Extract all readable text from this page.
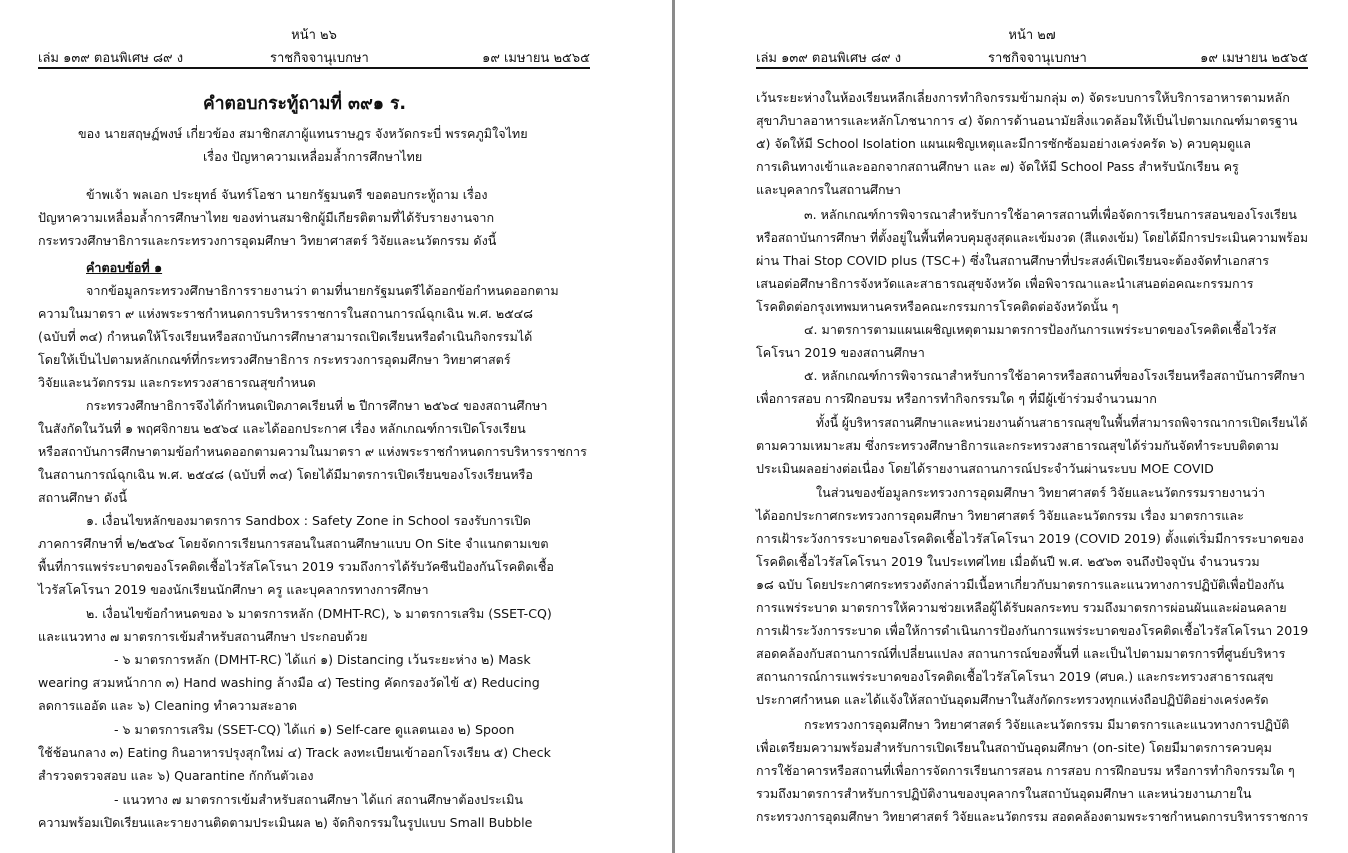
หน้า ๒๖
เล่ม ๑๓๙ ตอนพิเศษ ๘๙ ง	ราชกิจจานุเบกษา	๑๙ เมษายน ๒๕๖๕
คำตอบกระทู้ถามที่ ๓๙๑ ร.
ของ นายสฤษฏ์พงษ์ เกี่ยวข้อง สมาชิกสภาผู้แทนราษฎร จังหวัดกระบี่ พรรคภูมิใจไทย
เรื่อง ปัญหาความเหลื่อมล้ำการศึกษาไทย
ข้าพเจ้า พลเอก ประยุทธ์ จันทร์โอชา นายกรัฐมนตรี ขอตอบกระทู้ถาม เรื่อง
ปัญหาความเหลื่อมล้ำการศึกษาไทย ของท่านสมาชิกผู้มีเกียรติตามที่ได้รับรายงานจาก
กระทรวงศึกษาธิการและกระทรวงการอุดมศึกษา วิทยาศาสตร์ วิจัยและนวัตกรรม ดังนี้
คำตอบข้อที่ ๑
จากข้อมูลกระทรวงศึกษาธิการรายงานว่า ตามที่นายกรัฐมนตรีได้ออกข้อกำหนดออกตาม
ความในมาตรา ๙ แห่งพระราชกำหนดการบริหารราชการในสถานการณ์ฉุกเฉิน พ.ศ. ๒๕๔๘
(ฉบับที่ ๓๔) กำหนดให้โรงเรียนหรือสถาบันการศึกษาสามารถเปิดเรียนหรือดำเนินกิจกรรมได้
โดยให้เป็นไปตามหลักเกณฑ์ที่กระทรวงศึกษาธิการ กระทรวงการอุดมศึกษา วิทยาศาสตร์
วิจัยและนวัตกรรม และกระทรวงสาธารณสุขกำหนด
กระทรวงศึกษาธิการจึงได้กำหนดเปิดภาคเรียนที่ ๒ ปีการศึกษา ๒๕๖๔ ของสถานศึกษา
ในสังกัดในวันที่ ๑ พฤศจิกายน ๒๕๖๔ และได้ออกประกาศ เรื่อง หลักเกณฑ์การเปิดโรงเรียน
หรือสถาบันการศึกษาตามข้อกำหนดออกตามความในมาตรา ๙ แห่งพระราชกำหนดการบริหารราชการ
ในสถานการณ์ฉุกเฉิน พ.ศ. ๒๕๔๘ (ฉบับที่ ๓๔) โดยได้มีมาตรการเปิดเรียนของโรงเรียนหรือ
สถานศึกษา ดังนี้
๑. เงื่อนไขหลักของมาตรการ Sandbox : Safety Zone in School รองรับการเปิด
ภาคการศึกษาที่ ๒/๒๕๖๔ โดยจัดการเรียนการสอนในสถานศึกษาแบบ On Site จำแนกตามเขต
พื้นที่การแพร่ระบาดของโรคติดเชื้อไวรัสโคโรนา 2019 รวมถึงการได้รับวัคซีนป้องกันโรคติดเชื้อ
ไวรัสโคโรนา 2019 ของนักเรียนนักศึกษา ครู และบุคลากรทางการศึกษา
๒. เงื่อนไขข้อกำหนดของ ๖ มาตรการหลัก (DMHT-RC), ๖ มาตรการเสริม (SSET-CQ)
และแนวทาง ๗ มาตรการเข้มสำหรับสถานศึกษา ประกอบด้วย
- ๖ มาตรการหลัก (DMHT-RC) ได้แก่ ๑) Distancing เว้นระยะห่าง ๒) Mask
wearing สวมหน้ากาก ๓) Hand washing ล้างมือ ๔) Testing คัดกรองวัดไข้ ๕) Reducing
ลดการแออัด และ ๖) Cleaning ทำความสะอาด
- ๖ มาตรการเสริม (SSET-CQ) ได้แก่ ๑) Self-care ดูแลตนเอง ๒) Spoon
ใช้ช้อนกลาง ๓) Eating กินอาหารปรุงสุกใหม่ ๔) Track ลงทะเบียนเข้าออกโรงเรียน ๕) Check
สำรวจตรวจสอบ และ ๖) Quarantine กักกันตัวเอง
- แนวทาง ๗ มาตรการเข้มสำหรับสถานศึกษา ได้แก่ สถานศึกษาต้องประเมิน
ความพร้อมเปิดเรียนและรายงานติดตามประเมินผล ๒) จัดกิจกรรมในรูปแบบ Small Bubble
หน้า ๒๗
เล่ม ๑๓๙ ตอนพิเศษ ๘๙ ง	ราชกิจจานุเบกษา	๑๙ เมษายน ๒๕๖๕
เว้นระยะห่างในห้องเรียนหลีกเลี่ยงการทำกิจกรรมข้ามกลุ่ม ๓) จัดระบบการให้บริการอาหารตามหลัก
สุขาภิบาลอาหารและหลักโภชนาการ ๔) จัดการด้านอนามัยสิ่งแวดล้อมให้เป็นไปตามเกณฑ์มาตรฐาน
๕) จัดให้มี School Isolation แผนเผชิญเหตุและมีการซักซ้อมอย่างเคร่งครัด ๖) ควบคุมดูแล
การเดินทางเข้าและออกจากสถานศึกษา และ ๗) จัดให้มี School Pass สำหรับนักเรียน ครู
และบุคลากรในสถานศึกษา
๓. หลักเกณฑ์การพิจารณาสำหรับการใช้อาคารสถานที่เพื่อจัดการเรียนการสอนของโรงเรียน
หรือสถาบันการศึกษา ที่ตั้งอยู่ในพื้นที่ควบคุมสูงสุดและเข้มงวด (สีแดงเข้ม) โดยได้มีการประเมินความพร้อม
ผ่าน Thai Stop COVID plus (TSC+) ซึ่งในสถานศึกษาที่ประสงค์เปิดเรียนจะต้องจัดทำเอกสาร
เสนอต่อศึกษาธิการจังหวัดและสาธารณสุขจังหวัด เพื่อพิจารณาและนำเสนอต่อคณะกรรมการ
โรคติดต่อกรุงเทพมหานครหรือคณะกรรมการโรคติดต่อจังหวัดนั้น ๆ
๔. มาตรการตามแผนเผชิญเหตุตามมาตรการป้องกันการแพร่ระบาดของโรคติดเชื้อไวรัส
โคโรนา 2019 ของสถานศึกษา
๕. หลักเกณฑ์การพิจารณาสำหรับการใช้อาคารหรือสถานที่ของโรงเรียนหรือสถาบันการศึกษา
เพื่อการสอบ การฝึกอบรม หรือการทำกิจกรรมใด ๆ ที่มีผู้เข้าร่วมจำนวนมาก
ทั้งนี้ ผู้บริหารสถานศึกษาและหน่วยงานด้านสาธารณสุขในพื้นที่สามารถพิจารณาการเปิดเรียนได้
ตามความเหมาะสม ซึ่งกระทรวงศึกษาธิการและกระทรวงสาธารณสุขได้ร่วมกันจัดทำระบบติดตาม
ประเมินผลอย่างต่อเนื่อง โดยได้รายงานสถานการณ์ประจำวันผ่านระบบ MOE COVID
ในส่วนของข้อมูลกระทรวงการอุดมศึกษา วิทยาศาสตร์ วิจัยและนวัตกรรมรายงานว่า
ได้ออกประกาศกระทรวงการอุดมศึกษา วิทยาศาสตร์ วิจัยและนวัตกรรม เรื่อง มาตรการและ
การเฝ้าระวังการระบาดของโรคติดเชื้อไวรัสโคโรนา 2019 (COVID 2019) ตั้งแต่เริ่มมีการระบาดของ
โรคติดเชื้อไวรัสโคโรนา 2019 ในประเทศไทย เมื่อต้นปี พ.ศ. ๒๕๖๓ จนถึงปัจจุบัน จำนวนรวม
๑๘ ฉบับ โดยประกาศกระทรวงดังกล่าวมีเนื้อหาเกี่ยวกับมาตรการและแนวทางการปฏิบัติเพื่อป้องกัน
การแพร่ระบาด มาตรการให้ความช่วยเหลือผู้ได้รับผลกระทบ รวมถึงมาตรการผ่อนผันและผ่อนคลาย
การเฝ้าระวังการระบาด เพื่อให้การดำเนินการป้องกันการแพร่ระบาดของโรคติดเชื้อไวรัสโคโรนา 2019
สอดคล้องกับสถานการณ์ที่เปลี่ยนแปลง สถานการณ์ของพื้นที่ และเป็นไปตามมาตรการที่ศูนย์บริหาร
สถานการณ์การแพร่ระบาดของโรคติดเชื้อไวรัสโคโรนา 2019 (ศบค.) และกระทรวงสาธารณสุข
ประกาศกำหนด และได้แจ้งให้สถาบันอุดมศึกษาในสังกัดกระทรวงทุกแห่งถือปฏิบัติอย่างเคร่งครัด
กระทรวงการอุดมศึกษา วิทยาศาสตร์ วิจัยและนวัตกรรม มีมาตรการและแนวทางการปฏิบัติ
เพื่อเตรียมความพร้อมสำหรับการเปิดเรียนในสถาบันอุดมศึกษา (on-site) โดยมีมาตรการควบคุม
การใช้อาคารหรือสถานที่เพื่อการจัดการเรียนการสอน การสอบ การฝึกอบรม หรือการทำกิจกรรมใด ๆ
รวมถึงมาตรการสำหรับการปฏิบัติงานของบุคลากรในสถาบันอุดมศึกษา และหน่วยงานภายใน
กระทรวงการอุดมศึกษา วิทยาศาสตร์ วิจัยและนวัตกรรม สอดคล้องตามพระราชกำหนดการบริหารราชการ
